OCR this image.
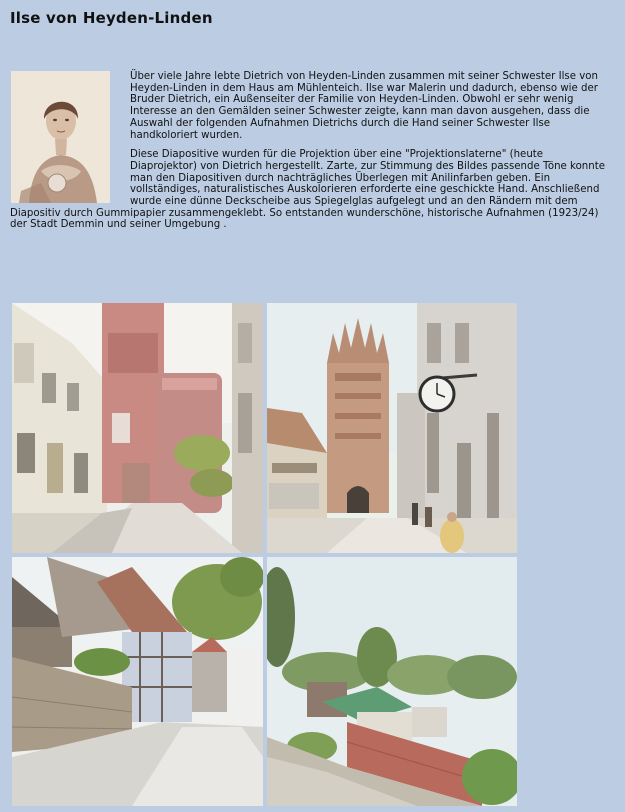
Ilse von Heyden-Linden

Über viele Jahre lebte Dietrich von Heyden-Linden zusammen mit seiner Schwester Ilse von Heyden-Linden in dem Haus am Mühlenteich. Ilse war Malerin und dadurch, ebenso wie der Bruder Dietrich, ein Außenseiter der Familie von Heyden-Linden. Obwohl er sehr wenig Interesse an den Gemälden seiner Schwester zeigte, kann man davon ausgehen, dass die Auswahl der folgenden Aufnahmen Dietrichs durch die Hand seiner Schwester Ilse handkoloriert wurden.

Diese Diapositive wurden für die Projektion über eine "Projektionslaterne" (heute Diaprojektor) von Dietrich hergestellt. Zarte, zur Stimmung des Bildes passende Töne konnte man den Diapositiven durch nachträgliches Überlegen mit Anilinfarben geben. Ein vollständiges, naturalistisches Auskolorieren erforderte eine geschickte Hand. Anschließend wurde eine dünne Deckscheibe aus Spiegelglas aufgelegt und an den Rändern mit dem Diapositiv durch Gummipapier zusammengeklebt. So entstanden wunderschöne, historische Aufnahmen (1923/24) der Stadt Demmin und seiner Umgebung .
